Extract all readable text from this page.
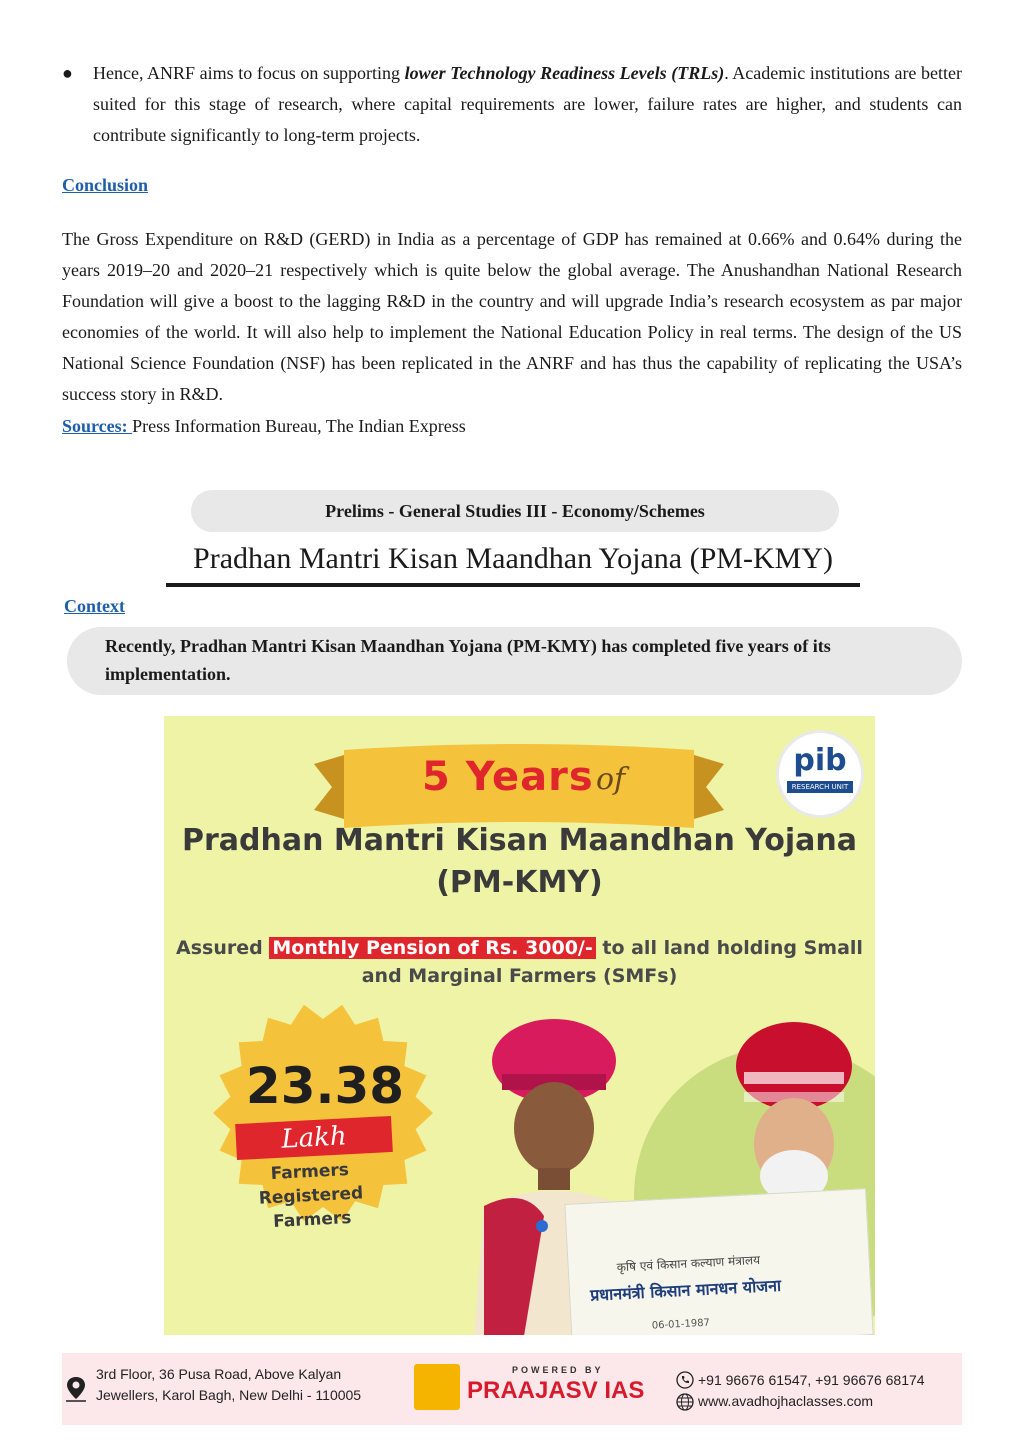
● Hence, ANRF aims to focus on supporting lower Technology Readiness Levels (TRLs). Academic institutions are better suited for this stage of research, where capital requirements are lower, failure rates are higher, and students can contribute significantly to long-term projects.
Conclusion
The Gross Expenditure on R&D (GERD) in India as a percentage of GDP has remained at 0.66% and 0.64% during the years 2019–20 and 2020–21 respectively which is quite below the global average. The Anushandhan National Research Foundation will give a boost to the lagging R&D in the country and will upgrade India’s research ecosystem as par major economies of the world. It will also help to implement the National Education Policy in real terms. The design of the US National Science Foundation (NSF) has been replicated in the ANRF and has thus the capability of replicating the USA’s success story in R&D.
Sources: Press Information Bureau, The Indian Express
Prelims - General Studies III - Economy/Schemes
Pradhan Mantri Kisan Maandhan Yojana (PM-KMY)
Context
Recently, Pradhan Mantri Kisan Maandhan Yojana (PM-KMY) has completed five years of its implementation.
5 Years of
pib
RESEARCH UNIT
Pradhan Mantri Kisan Maandhan Yojana
(PM-KMY)
Assured Monthly Pension of Rs. 3000/- to all land holding Small
and Marginal Farmers (SMFs)
23.38
Lakh
Farmers Registered
Farmers
कृषि एवं किसान कल्याण मंत्रालय
प्रधानमंत्री किसान मानधन योजना
06-01-1987
3rd Floor, 36 Pusa Road, Above Kalyan
Jewellers, Karol Bagh, New Delhi - 110005
POWERED BY
PRAAJASV IAS	+91 96676 61547, +91 96676 68174
www.avadhojhaclasses.com
